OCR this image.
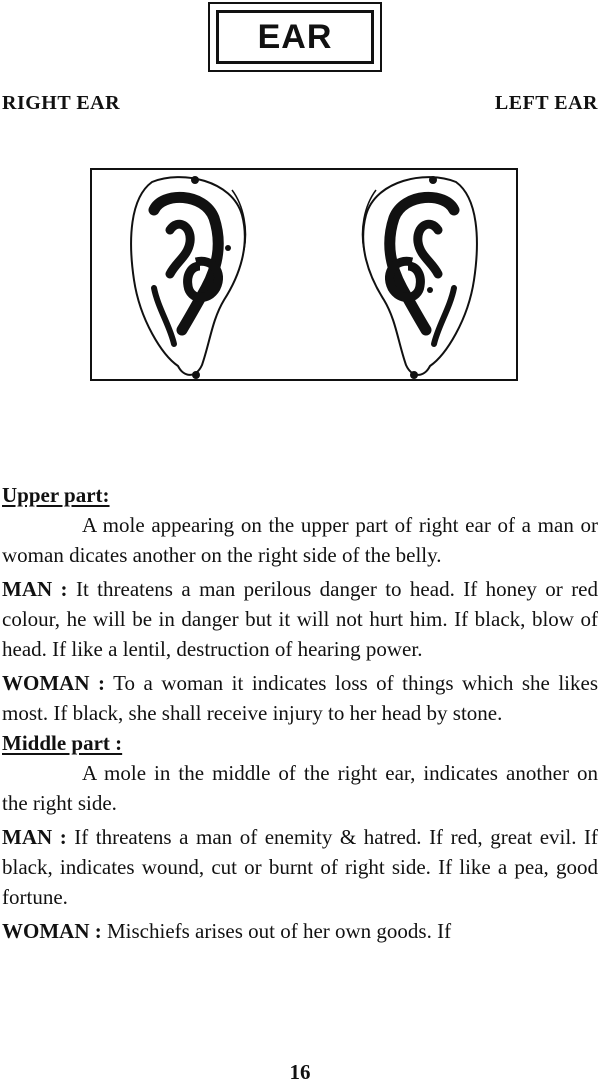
EAR
RIGHT EAR	LEFT EAR

Upper part:

A mole appearing on the upper part of right ear of a man or woman dicates another on the right side of the belly.

MAN : It threatens a man perilous danger to head. If honey or red colour, he will be in danger but it will not hurt him. If black, blow of head. If like a lentil, destruction of hearing power.

WOMAN : To a woman it indicates loss of things which she likes most. If black, she shall receive injury to her head by stone.

Middle part :

A mole in the middle of the right ear, indicates another on the right side.

MAN : If threatens a man of enemity & hatred. If red, great evil. If black, indicates wound, cut or burnt of right side. If like a pea, good fortune.

WOMAN : Mischiefs arises out of her own goods. If

16
